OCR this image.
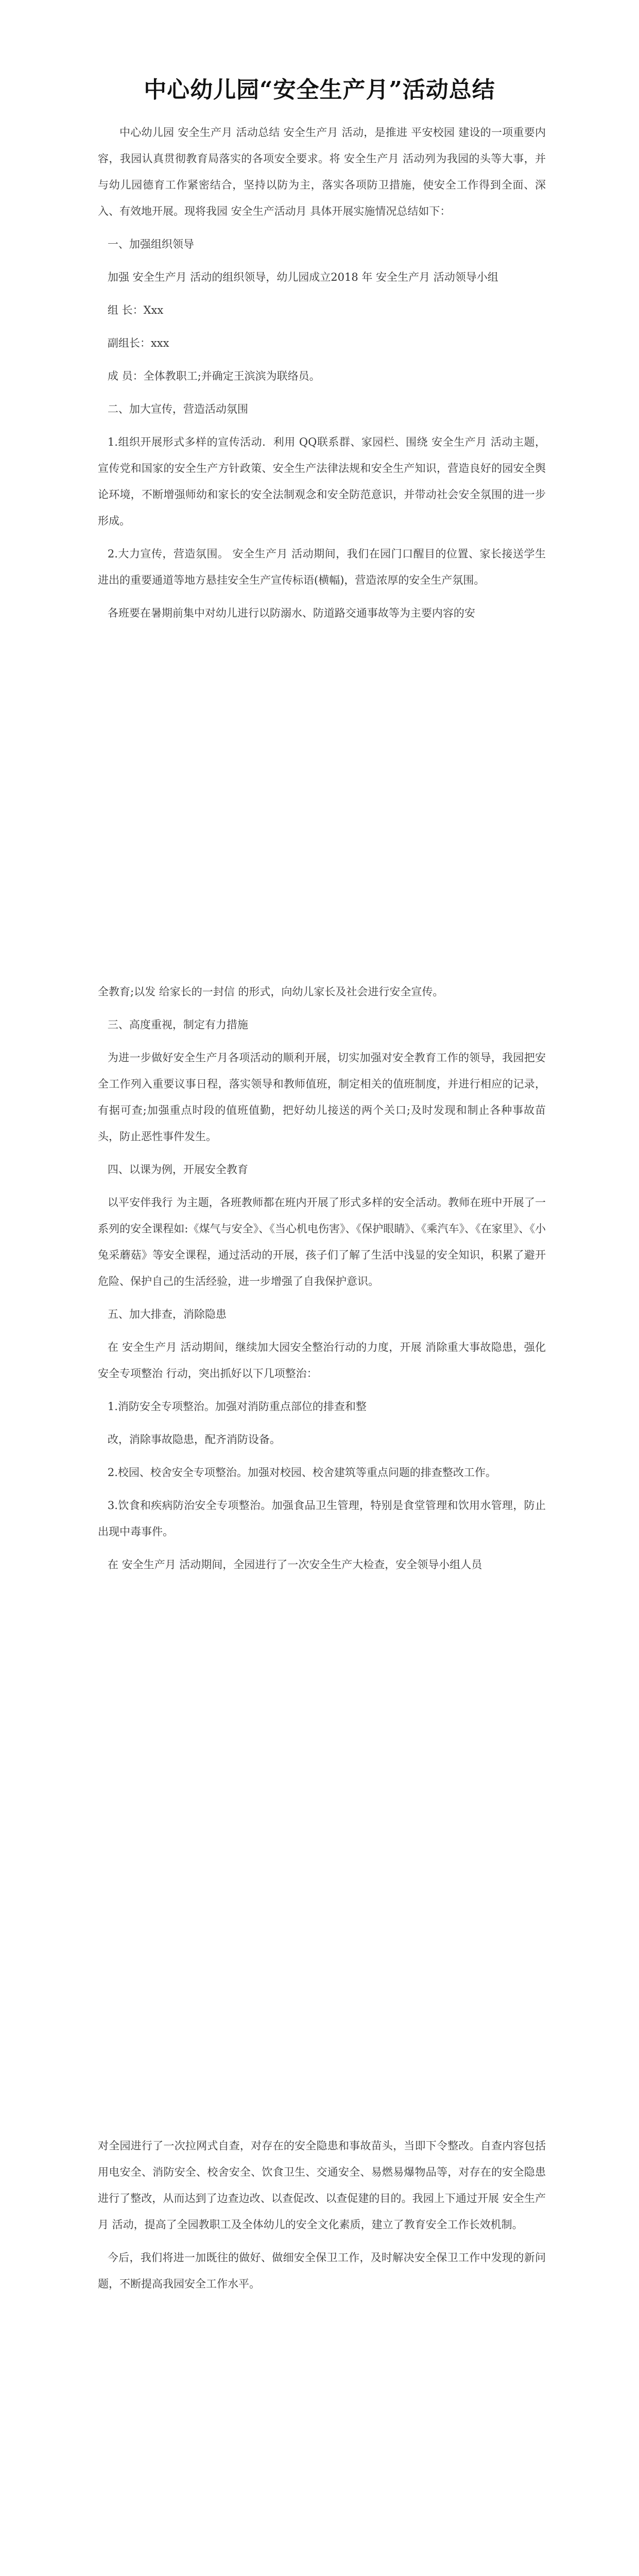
中心幼儿园“安全生产月”活动总结

中心幼儿园 安全生产月 活动总结 安全生产月 活动，是推进 平安校园 建设的一项重要内容，我园认真贯彻教育局落实的各项安全要求。将 安全生产月 活动列为我园的头等大事，并与幼儿园德育工作紧密结合，坚持以防为主，落实各项防卫措施，使安全工作得到全面、深入、有效地开展。现将我园 安全生产活动月 具体开展实施情况总结如下：

一、加强组织领导

加强 安全生产月 活动的组织领导，幼儿园成立2018 年 安全生产月 活动领导小组

组 长：Xxx

副组长：xxx

成 员：全体教职工;并确定王滨滨为联络员。

二、加大宣传，营造活动氛围

1.组织开展形式多样的宣传活动．利用 QQ联系群、家园栏、围绕 安全生产月 活动主题，宣传党和国家的安全生产方针政策、安全生产法律法规和安全生产知识，营造良好的园安全舆论环境，不断增强师幼和家长的安全法制观念和安全防范意识，并带动社会安全氛围的进一步形成。

2.大力宣传，营造氛围。 安全生产月 活动期间，我们在园门口醒目的位置、家长接送学生进出的重要通道等地方悬挂安全生产宣传标语(横幅)，营造浓厚的安全生产氛围。

各班要在暑期前集中对幼儿进行以防溺水、防道路交通事故等为主要内容的安

全教育;以发 给家长的一封信 的形式，向幼儿家长及社会进行安全宣传。

三、高度重视，制定有力措施

为进一步做好安全生产月各项活动的顺利开展，切实加强对安全教育工作的领导，我园把安全工作列入重要议事日程，落实领导和教师值班，制定相关的值班制度，并进行相应的记录，有据可查;加强重点时段的值班值勤，把好幼儿接送的两个关口;及时发现和制止各种事故苗头，防止恶性事件发生。

四、以课为例，开展安全教育

以平安伴我行 为主题，各班教师都在班内开展了形式多样的安全活动。教师在班中开展了一系列的安全课程如:《煤气与安全》、《当心机电伤害》、《保护眼睛》、《乘汽车》、《在家里》、《小兔采蘑菇》等安全课程，通过活动的开展，孩子们了解了生活中浅显的安全知识，积累了避开危险、保护自己的生活经验，进一步增强了自我保护意识。

五、加大排查，消除隐患

在 安全生产月 活动期间，继续加大园安全整治行动的力度，开展 消除重大事故隐患，强化安全专项整治 行动，突出抓好以下几项整治：

1.消防安全专项整治。加强对消防重点部位的排查和整

改，消除事故隐患，配齐消防设备。

2.校园、校舍安全专项整治。加强对校园、校舍建筑等重点问题的排查整改工作。

3.饮食和疾病防治安全专项整治。加强食品卫生管理，特别是食堂管理和饮用水管理，防止出现中毒事件。

在 安全生产月 活动期间，全园进行了一次安全生产大检查，安全领导小组人员

对全园进行了一次拉网式自查，对存在的安全隐患和事故苗头，当即下令整改。自查内容包括用电安全、消防安全、校舍安全、饮食卫生、交通安全、易燃易爆物品等，对存在的安全隐患进行了整改，从而达到了边查边改、以查促改、以查促建的目的。我园上下通过开展 安全生产月 活动，提高了全园教职工及全体幼儿的安全文化素质，建立了教育安全工作长效机制。

今后，我们将进一加既往的做好、做细安全保卫工作，及时解决安全保卫工作中发现的新问题，不断提高我园安全工作水平。
